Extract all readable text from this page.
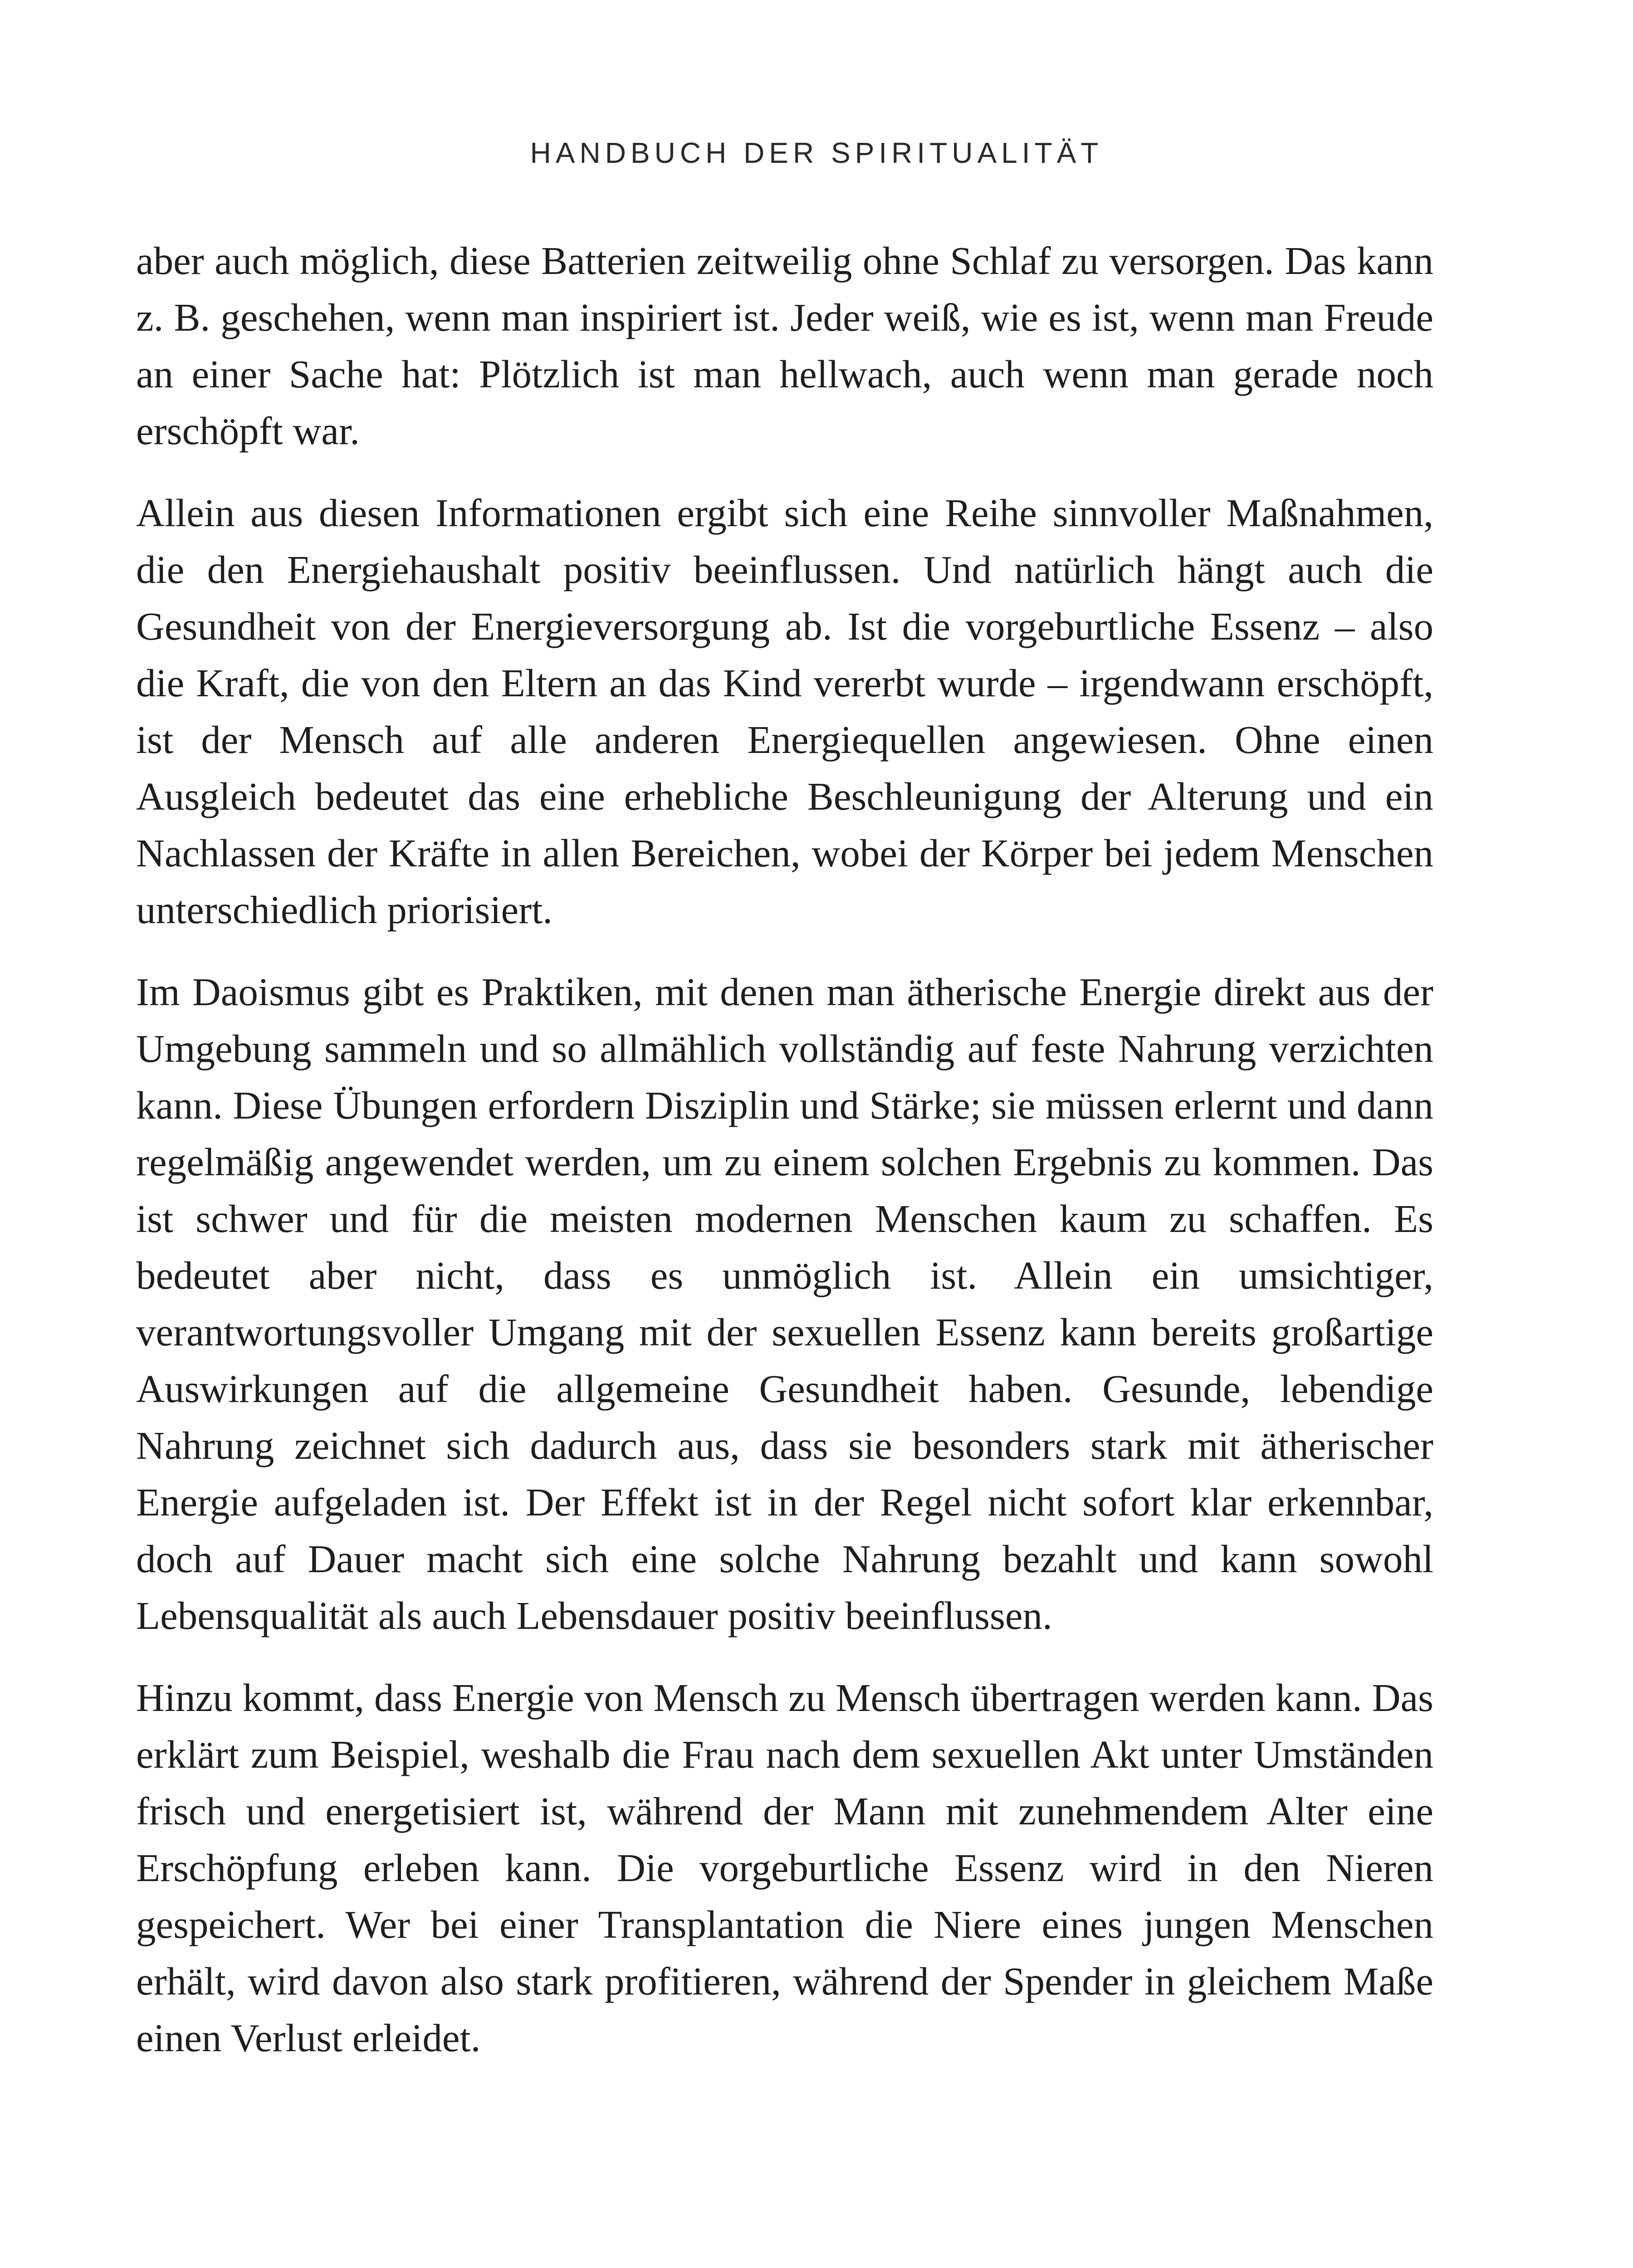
HANDBUCH DER SPIRITUALITÄT

aber auch möglich, diese Batterien zeitweilig ohne Schlaf zu versorgen. Das kann z. B. geschehen, wenn man inspiriert ist. Jeder weiß, wie es ist, wenn man Freude an einer Sache hat: Plötzlich ist man hellwach, auch wenn man gerade noch erschöpft war.

Allein aus diesen Informationen ergibt sich eine Reihe sinnvoller Maßnahmen, die den Energiehaushalt positiv beeinflussen. Und natürlich hängt auch die Gesundheit von der Energieversorgung ab. Ist die vorgeburtliche Essenz – also die Kraft, die von den Eltern an das Kind vererbt wurde – irgendwann erschöpft, ist der Mensch auf alle anderen Energiequellen angewiesen. Ohne einen Ausgleich bedeutet das eine erhebliche Beschleunigung der Alterung und ein Nachlassen der Kräfte in allen Bereichen, wobei der Körper bei jedem Menschen unterschiedlich priorisiert.

Im Daoismus gibt es Praktiken, mit denen man ätherische Energie direkt aus der Umgebung sammeln und so allmählich vollständig auf feste Nahrung verzichten kann. Diese Übungen erfordern Disziplin und Stärke; sie müssen erlernt und dann regelmäßig angewendet werden, um zu einem solchen Ergebnis zu kommen. Das ist schwer und für die meisten modernen Menschen kaum zu schaffen. Es bedeutet aber nicht, dass es unmöglich ist. Allein ein umsichtiger, verantwortungsvoller Umgang mit der sexuellen Essenz kann bereits großartige Auswirkungen auf die allgemeine Gesundheit haben. Gesunde, lebendige Nahrung zeichnet sich dadurch aus, dass sie besonders stark mit ätherischer Energie aufgeladen ist. Der Effekt ist in der Regel nicht sofort klar erkennbar, doch auf Dauer macht sich eine solche Nahrung bezahlt und kann sowohl Lebensqualität als auch Lebensdauer positiv beeinflussen.

Hinzu kommt, dass Energie von Mensch zu Mensch übertragen werden kann. Das erklärt zum Beispiel, weshalb die Frau nach dem sexuellen Akt unter Umständen frisch und energetisiert ist, während der Mann mit zunehmendem Alter eine Erschöpfung erleben kann. Die vorgeburtliche Essenz wird in den Nieren gespeichert. Wer bei einer Transplantation die Niere eines jungen Menschen erhält, wird davon also stark profitieren, während der Spender in gleichem Maße einen Verlust erleidet.
